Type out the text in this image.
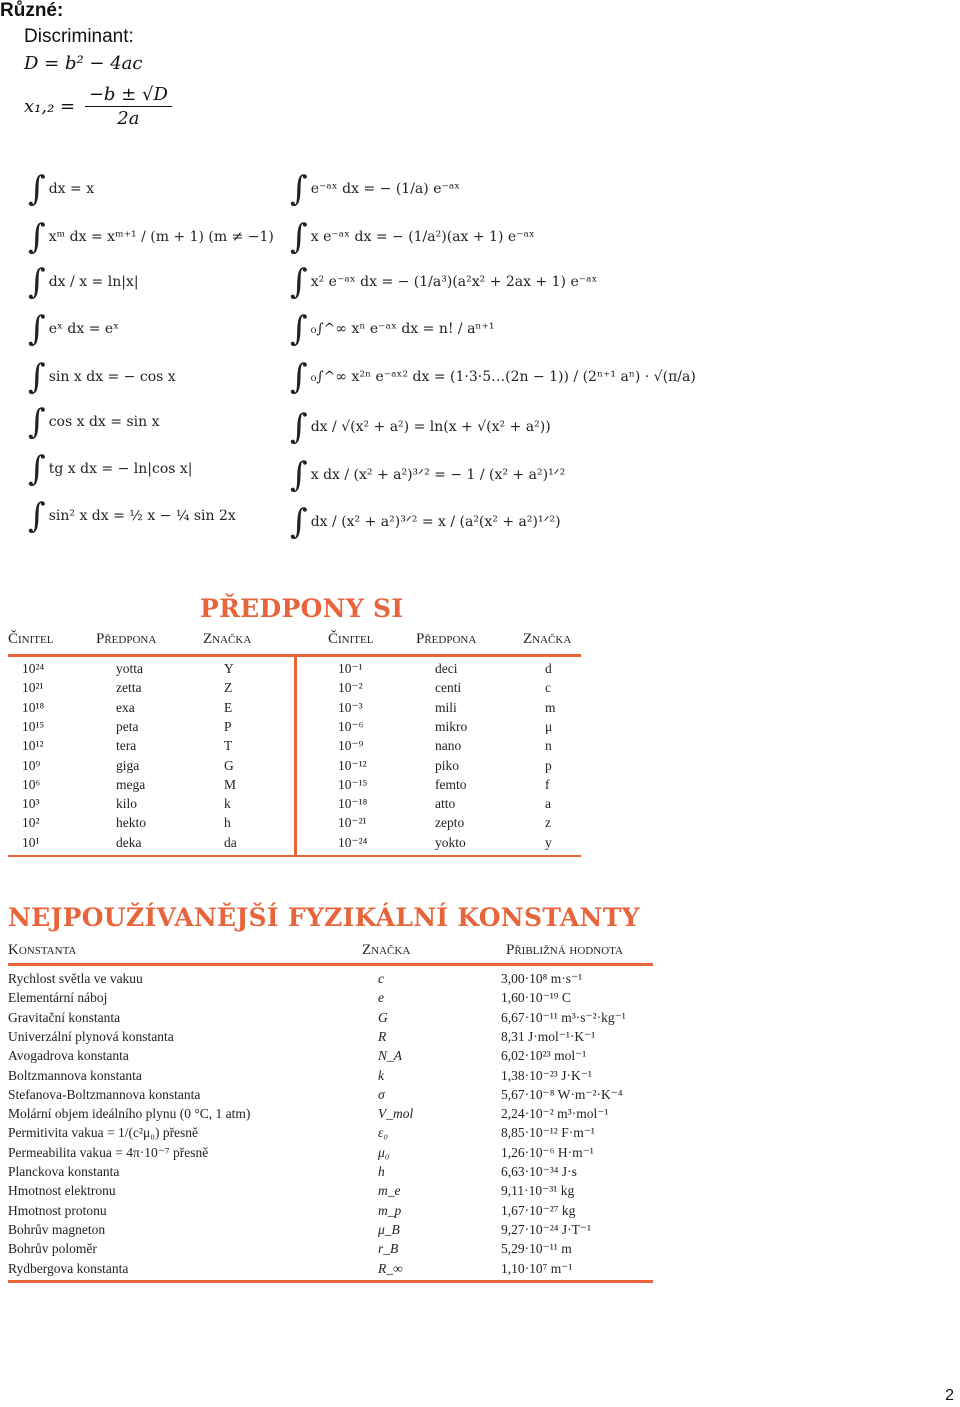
Různé:
Discriminant:
D = b² − 4ac
$x_1,_2 = \frac{-b \pm √D}{2a}$
∫ dx = x
∫ xᵐ dx = xᵐ⁺¹ / (m + 1) (m ≠ −1)
∫ dx / x = ln|x|
∫ eˣ dx = eˣ
∫ sin x dx = − cos x
∫ cos x dx = sin x
∫ tg x dx = − ln|cos x|
∫ sin² x dx = ½ x − ¼ sin 2x
∫ e⁻ᵃˣ dx = − (1/a) e⁻ᵃˣ
∫ x e⁻ᵃˣ dx = − (1/a²)(ax + 1) e⁻ᵃˣ
∫ x² e⁻ᵃˣ dx = − (1/a³)(a²x² + 2ax + 1) e⁻ᵃˣ
∫ ₀∫^∞ xⁿ e⁻ᵃˣ dx = n! / aⁿ⁺¹
∫ ₀∫^∞ x²ⁿ e⁻ᵃˣ² dx = (1·3·5…(2n − 1)) / (2ⁿ⁺¹ aⁿ) · √(π/a)
∫ dx / √(x² + a²) = ln(x + √(x² + a²))
∫ x dx / (x² + a²)³ᐟ² = − 1 / (x² + a²)¹ᐟ²
∫ dx / (x² + a²)³ᐟ² = x / (a²(x² + a²)¹ᐟ²)
PŘEDPONY SI
Činitel	Předpona	Značka	Činitel	Předpona	Značka
10²⁴	yotta	Y	10⁻¹	deci	d
10²¹	zetta	Z	10⁻²	centi	c
10¹⁸	exa	E	10⁻³	mili	m
10¹⁵	peta	P	10⁻⁶	mikro	μ
10¹²	tera	T	10⁻⁹	nano	n
10⁹	giga	G	10⁻¹²	piko	p
10⁶	mega	M	10⁻¹⁵	femto	f
10³	kilo	k	10⁻¹⁸	atto	a
10²	hekto	h	10⁻²¹	zepto	z
10¹	deka	da	10⁻²⁴	yokto	y
NEJPOUŽÍVANĚJŠÍ FYZIKÁLNÍ KONSTANTY
Konstanta	Značka	Přibližná hodnota
Rychlost světla ve vakuu	c	3,00·10⁸ m·s⁻¹
Elementární náboj	e	1,60·10⁻¹⁹ C
Gravitační konstanta	G	6,67·10⁻¹¹ m³·s⁻²·kg⁻¹
Univerzální plynová konstanta	R	8,31 J·mol⁻¹·K⁻¹
Avogadrova konstanta	N_A	6,02·10²³ mol⁻¹
Boltzmannova konstanta	k	1,38·10⁻²³ J·K⁻¹
Stefanova-Boltzmannova konstanta	σ	5,67·10⁻⁸ W·m⁻²·K⁻⁴
Molární objem ideálního plynu (0 °C, 1 atm)	V_mol	2,24·10⁻² m³·mol⁻¹
Permitivita vakua = 1/(c²μ₀) přesně	ε₀	8,85·10⁻¹² F·m⁻¹
Permeabilita vakua = 4π·10⁻⁷ přesně	μ₀	1,26·10⁻⁶ H·m⁻¹
Planckova konstanta	h	6,63·10⁻³⁴ J·s
Hmotnost elektronu	m_e	9,11·10⁻³¹ kg
Hmotnost protonu	m_p	1,67·10⁻²⁷ kg
Bohrův magneton	μ_B	9,27·10⁻²⁴ J·T⁻¹
Bohrův poloměr	r_B	5,29·10⁻¹¹ m
Rydbergova konstanta	R_∞	1,10·10⁷ m⁻¹
2
